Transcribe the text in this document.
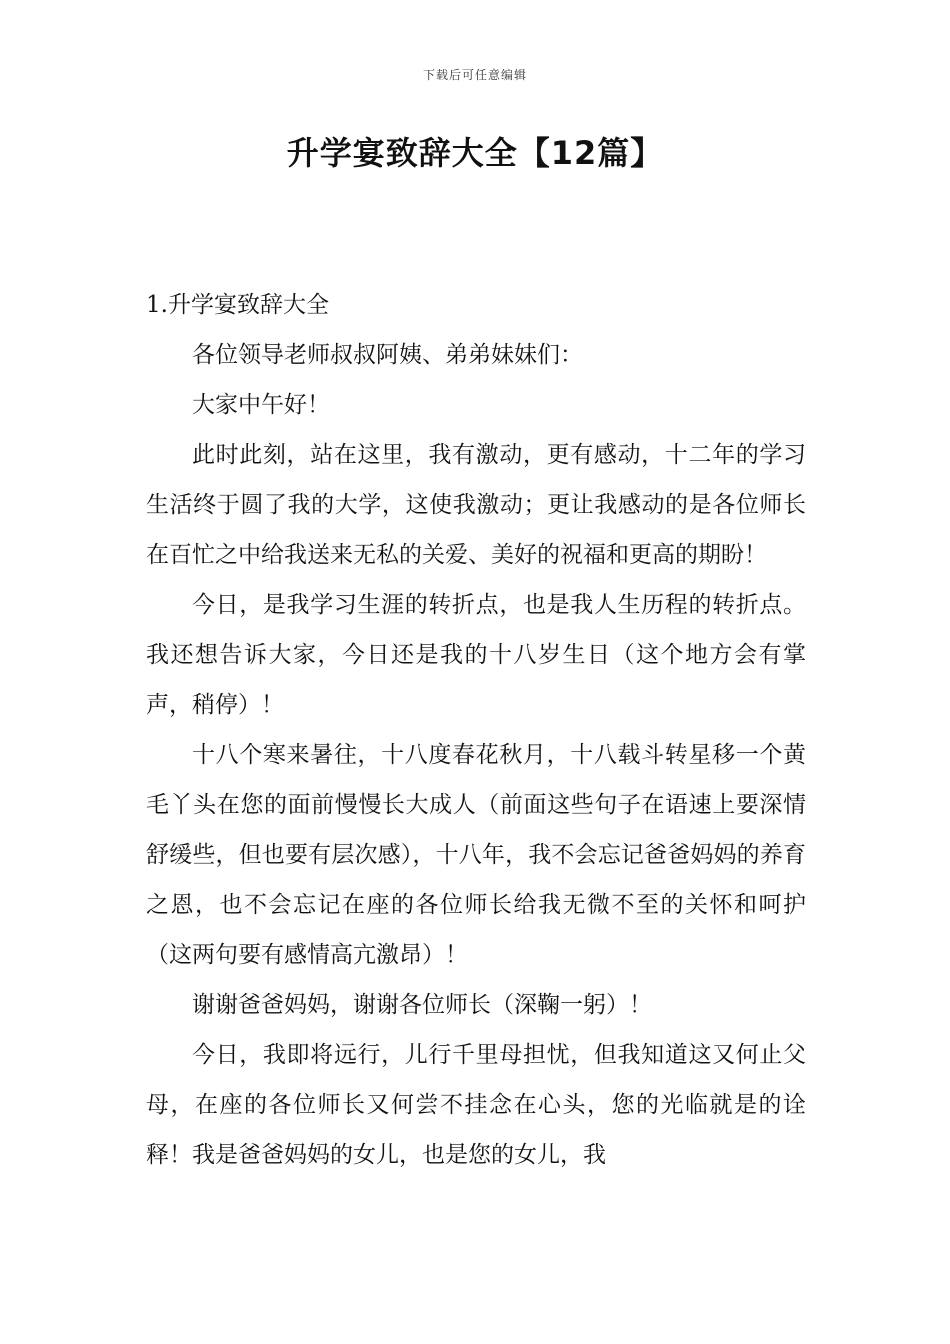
下载后可任意编辑
升学宴致辞大全【12篇】

1.升学宴致辞大全

各位领导老师叔叔阿姨、弟弟妹妹们：

大家中午好！

此时此刻，站在这里，我有激动，更有感动，十二年的学习生活终于圆了我的大学，这使我激动；更让我感动的是各位师长在百忙之中给我送来无私的关爱、美好的祝福和更高的期盼！

今日，是我学习生涯的转折点，也是我人生历程的转折点。我还想告诉大家，今日还是我的十八岁生日（这个地方会有掌声，稍停）！

十八个寒来暑往，十八度春花秋月，十八载斗转星移一个黄毛丫头在您的面前慢慢长大成人（前面这些句子在语速上要深情舒缓些，但也要有层次感），十八年，我不会忘记爸爸妈妈的养育之恩，也不会忘记在座的各位师长给我无微不至的关怀和呵护（这两句要有感情高亢激昂）！

谢谢爸爸妈妈，谢谢各位师长（深鞠一躬）！

今日，我即将远行，儿行千里母担忧，但我知道这又何止父母，在座的各位师长又何尝不挂念在心头，您的光临就是的诠释！我是爸爸妈妈的女儿，也是您的女儿，我
